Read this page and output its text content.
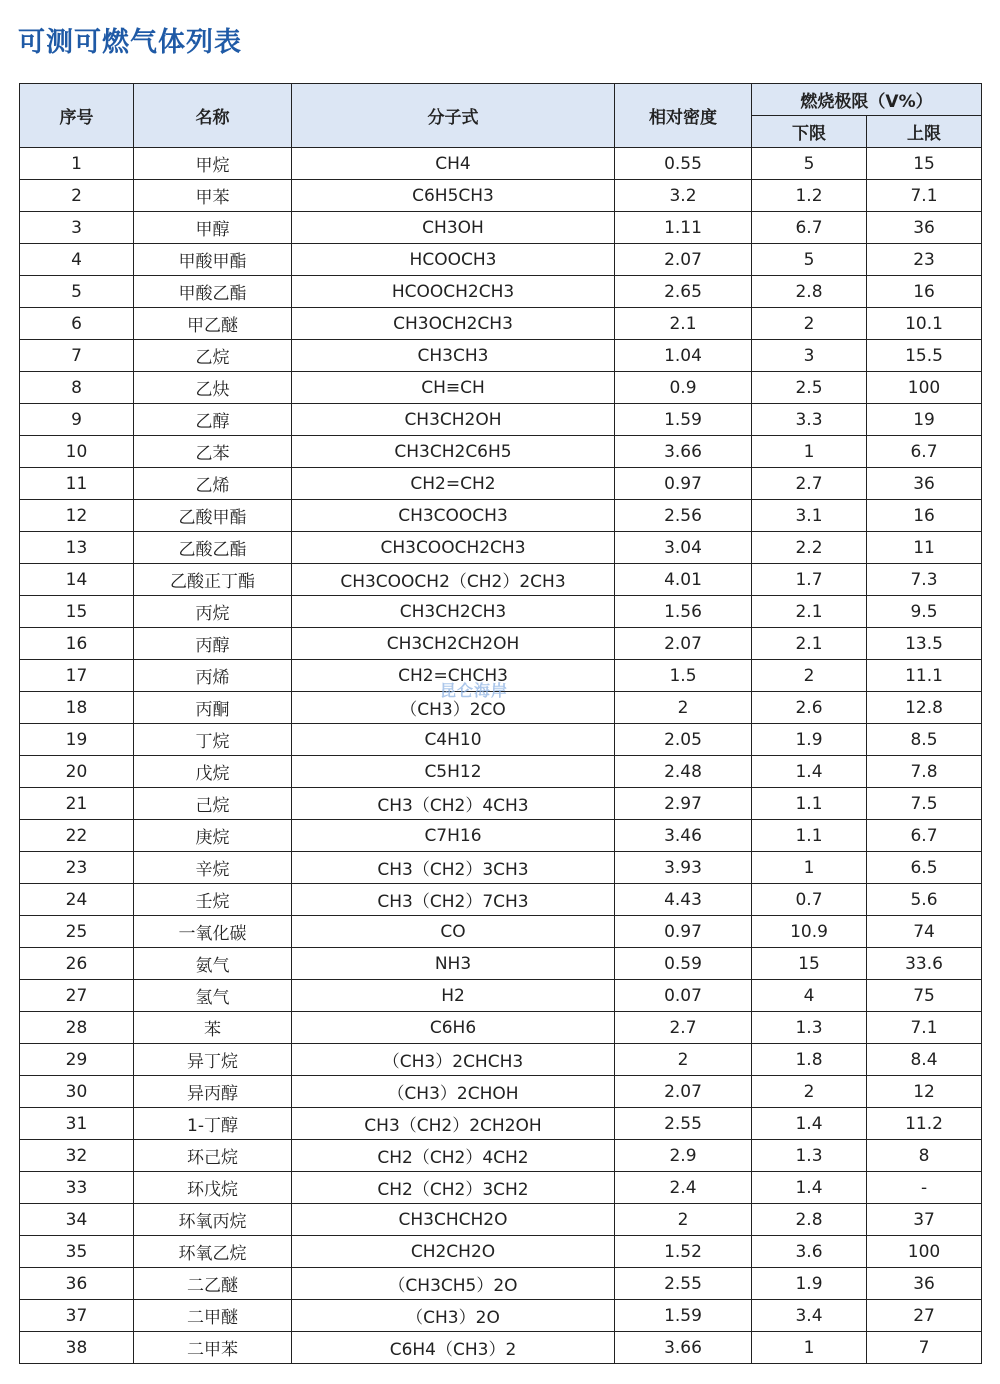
可测可燃气体列表
序号	名称	分子式	相对密度	燃烧极限（V%）	
				下限	上限
1	甲烷	CH4	0.55	5	15
2	甲苯	C6H5CH3	3.2	1.2	7.1
3	甲醇	CH3OH	1.11	6.7	36
4	甲酸甲酯	HCOOCH3	2.07	5	23
5	甲酸乙酯	HCOOCH2CH3	2.65	2.8	16
6	甲乙醚	CH3OCH2CH3	2.1	2	10.1
7	乙烷	CH3CH3	1.04	3	15.5
8	乙炔	CH≡CH	0.9	2.5	100
9	乙醇	CH3CH2OH	1.59	3.3	19
10	乙苯	CH3CH2C6H5	3.66	1	6.7
11	乙烯	CH2=CH2	0.97	2.7	36
12	乙酸甲酯	CH3COOCH3	2.56	3.1	16
13	乙酸乙酯	CH3COOCH2CH3	3.04	2.2	11
14	乙酸正丁酯	CH3COOCH2（CH2）2CH3	4.01	1.7	7.3
15	丙烷	CH3CH2CH3	1.56	2.1	9.5
16	丙醇	CH3CH2CH2OH	2.07	2.1	13.5
17	丙烯	CH2=CHCH3	1.5	2	11.1
18	丙酮	（CH3）2CO	2	2.6	12.8
19	丁烷	C4H10	2.05	1.9	8.5
20	戊烷	C5H12	2.48	1.4	7.8
21	己烷	CH3（CH2）4CH3	2.97	1.1	7.5
22	庚烷	C7H16	3.46	1.1	6.7
23	辛烷	CH3（CH2）3CH3	3.93	1	6.5
24	壬烷	CH3（CH2）7CH3	4.43	0.7	5.6
25	一氧化碳	CO	0.97	10.9	74
26	氨气	NH3	0.59	15	33.6
27	氢气	H2	0.07	4	75
28	苯	C6H6	2.7	1.3	7.1
29	异丁烷	（CH3）2CHCH3	2	1.8	8.4
30	异丙醇	（CH3）2CHOH	2.07	2	12
31	1-丁醇	CH3（CH2）2CH2OH	2.55	1.4	11.2
32	环己烷	CH2（CH2）4CH2	2.9	1.3	8
33	环戊烷	CH2（CH2）3CH2	2.4	1.4	-
34	环氧丙烷	CH3CHCH2O	2	2.8	37
35	环氧乙烷	CH2CH2O	1.52	3.6	100
36	二乙醚	（CH3CH5）2O	2.55	1.9	36
37	二甲醚	（CH3）2O	1.59	3.4	27
38	二甲苯	C6H4（CH3）2	3.66	1	7
昆仑海岸
